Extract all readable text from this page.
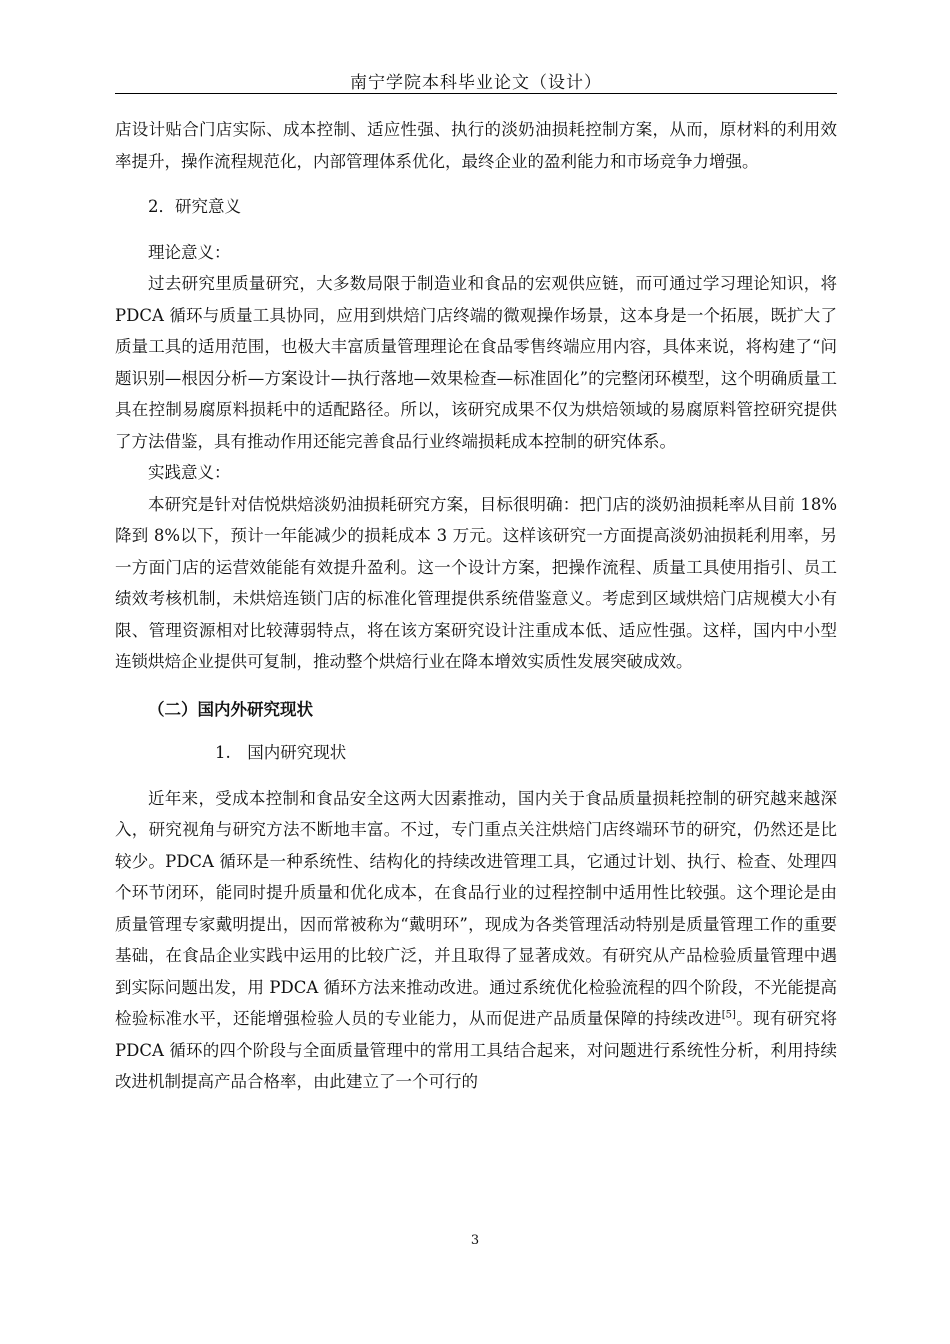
南宁学院本科毕业论文（设计）

店设计贴合门店实际、成本控制、适应性强、执行的淡奶油损耗控制方案，从而，原材料的利用效率提升，操作流程规范化，内部管理体系优化，最终企业的盈利能力和市场竞争力增强。

2．研究意义

理论意义：

过去研究里质量研究，大多数局限于制造业和食品的宏观供应链，而可通过学习理论知识，将 PDCA 循环与质量工具协同，应用到烘焙门店终端的微观操作场景，这本身是一个拓展，既扩大了质量工具的适用范围，也极大丰富质量管理理论在食品零售终端应用内容，具体来说，将构建了“问题识别—根因分析—方案设计—执行落地—效果检查—标准固化”的完整闭环模型，这个明确质量工具在控制易腐原料损耗中的适配路径。所以，该研究成果不仅为烘焙领域的易腐原料管控研究提供了方法借鉴，具有推动作用还能完善食品行业终端损耗成本控制的研究体系。

实践意义：

本研究是针对佶悦烘焙淡奶油损耗研究方案，目标很明确：把门店的淡奶油损耗率从目前 18%降到 8%以下，预计一年能减少的损耗成本 3 万元。这样该研究一方面提高淡奶油损耗利用率，另一方面门店的运营效能能有效提升盈利。这一个设计方案，把操作流程、质量工具使用指引、员工绩效考核机制，未烘焙连锁门店的标准化管理提供系统借鉴意义。考虑到区域烘焙门店规模大小有限、管理资源相对比较薄弱特点，将在该方案研究设计注重成本低、适应性强。这样，国内中小型连锁烘焙企业提供可复制，推动整个烘焙行业在降本增效实质性发展突破成效。

（二）国内外研究现状

1.　国内研究现状

近年来，受成本控制和食品安全这两大因素推动，国内关于食品质量损耗控制的研究越来越深入，研究视角与研究方法不断地丰富。不过，专门重点关注烘焙门店终端环节的研究，仍然还是比较少。PDCA 循环是一种系统性、结构化的持续改进管理工具，它通过计划、执行、检查、处理四个环节闭环，能同时提升质量和优化成本，在食品行业的过程控制中适用性比较强。这个理论是由质量管理专家戴明提出，因而常被称为“戴明环”，现成为各类管理活动特别是质量管理工作的重要基础，在食品企业实践中运用的比较广泛，并且取得了显著成效。有研究从产品检验质量管理中遇到实际问题出发，用 PDCA 循环方法来推动改进。通过系统优化检验流程的四个阶段，不光能提高检验标准水平，还能增强检验人员的专业能力，从而促进产品质量保障的持续改进[5]。现有研究将 PDCA 循环的四个阶段与全面质量管理中的常用工具结合起来，对问题进行系统性分析，利用持续改进机制提高产品合格率，由此建立了一个可行的

3
